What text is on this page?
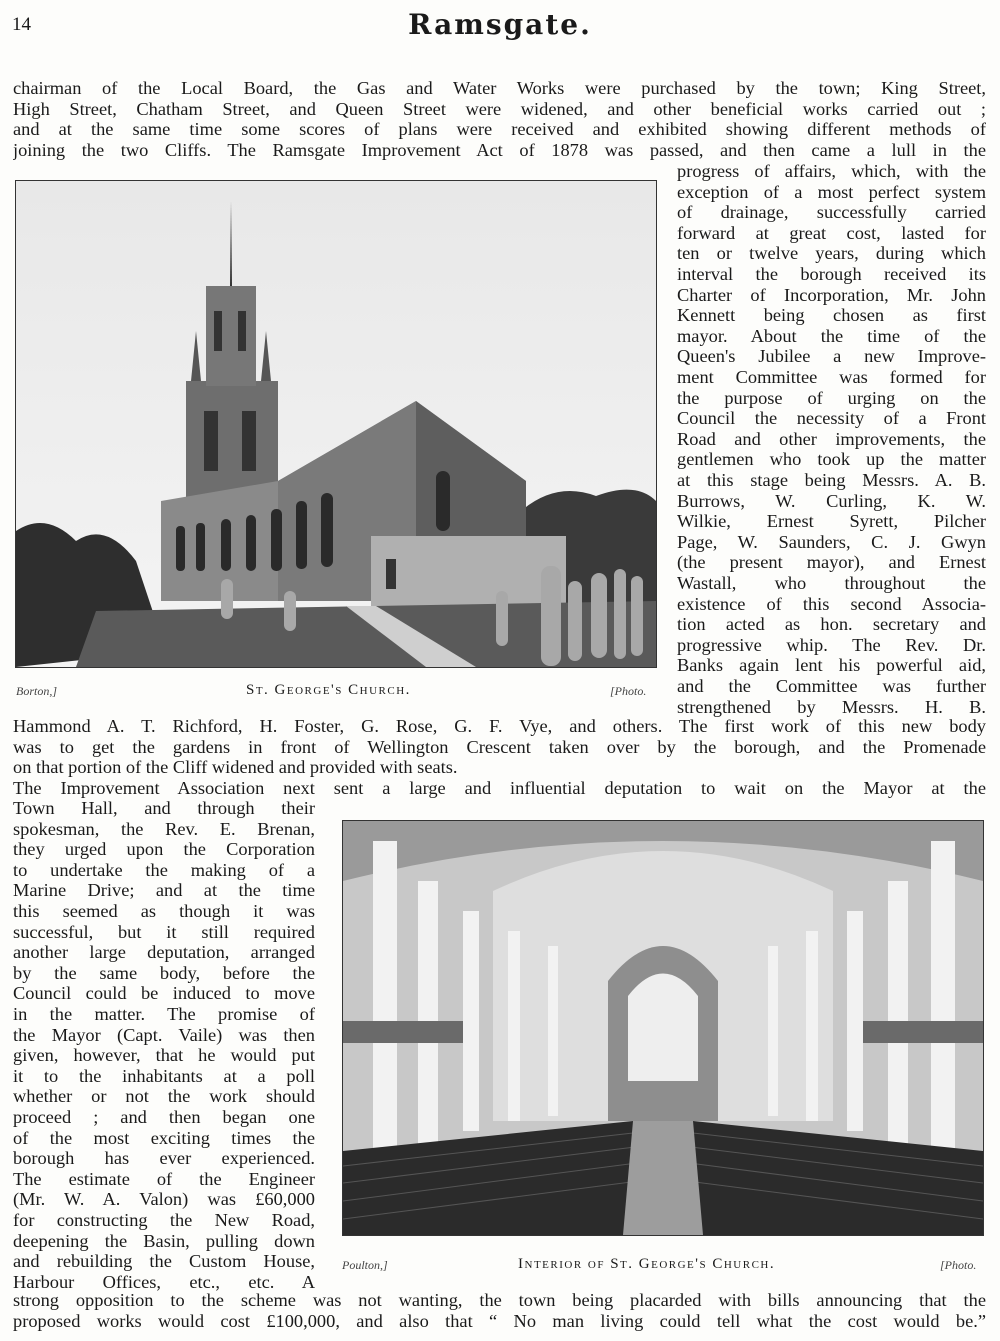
14	Ramsgate.
chairman of the Local Board, the Gas and Water Works were purchased by the town; King Street,
High Street, Chatham Street, and Queen Street were widened, and other beneficial works carried out ;
and at the same time some scores of plans were received and exhibited showing different methods of
joining the two Cliffs. The Ramsgate Improvement Act of 1878 was passed, and then came a lull in the
Borton,]	St. George's Church.	[Photo.
progress of affairs, which, with the
exception of a most perfect system
of drainage, successfully carried
forward at great cost, lasted for
ten or twelve years, during which
interval the borough received its
Charter of Incorporation, Mr. John
Kennett being chosen as first
mayor. About the time of the
Queen's Jubilee a new Improve-
ment Committee was formed for
the purpose of urging on the
Council the necessity of a Front
Road and other improvements, the
gentlemen who took up the matter
at this stage being Messrs. A. B.
Burrows, W. Curling, K. W.
Wilkie, Ernest Syrett, Pilcher
Page, W. Saunders, C. J. Gwyn
(the present mayor), and Ernest
Wastall, who throughout the
existence of this second Associa-
tion acted as hon. secretary and
progressive whip. The Rev. Dr.
Banks again lent his powerful aid,
and the Committee was further
strengthened by Messrs. H. B.
Hammond A. T. Richford, H. Foster, G. Rose, G. F. Vye, and others. The first work of this new body
was to get the gardens in front of Wellington Crescent taken over by the borough, and the Promenade
on that portion of the Cliff widened and provided with seats.
The Improvement Association next sent a large and influential deputation to wait on the Mayor at the
Town Hall, and through their
spokesman, the Rev. E. Brenan,
they urged upon the Corporation
to undertake the making of a
Marine Drive; and at the time
this seemed as though it was
successful, but it still required
another large deputation, arranged
by the same body, before the
Council could be induced to move
in the matter. The promise of
the Mayor (Capt. Vaile) was then
given, however, that he would put
it to the inhabitants at a poll
whether or not the work should
proceed ; and then began one
of the most exciting times the
borough has ever experienced.
The estimate of the Engineer
(Mr. W. A. Valon) was £60,000
for constructing the New Road,
deepening the Basin, pulling down
and rebuilding the Custom House,
Harbour Offices, etc., etc. A
Poulton,]	Interior of St. George's Church.	[Photo.
strong opposition to the scheme was not wanting, the town being placarded with bills announcing that the
proposed works would cost £100,000, and also that “ No man living could tell what the cost would be.”
